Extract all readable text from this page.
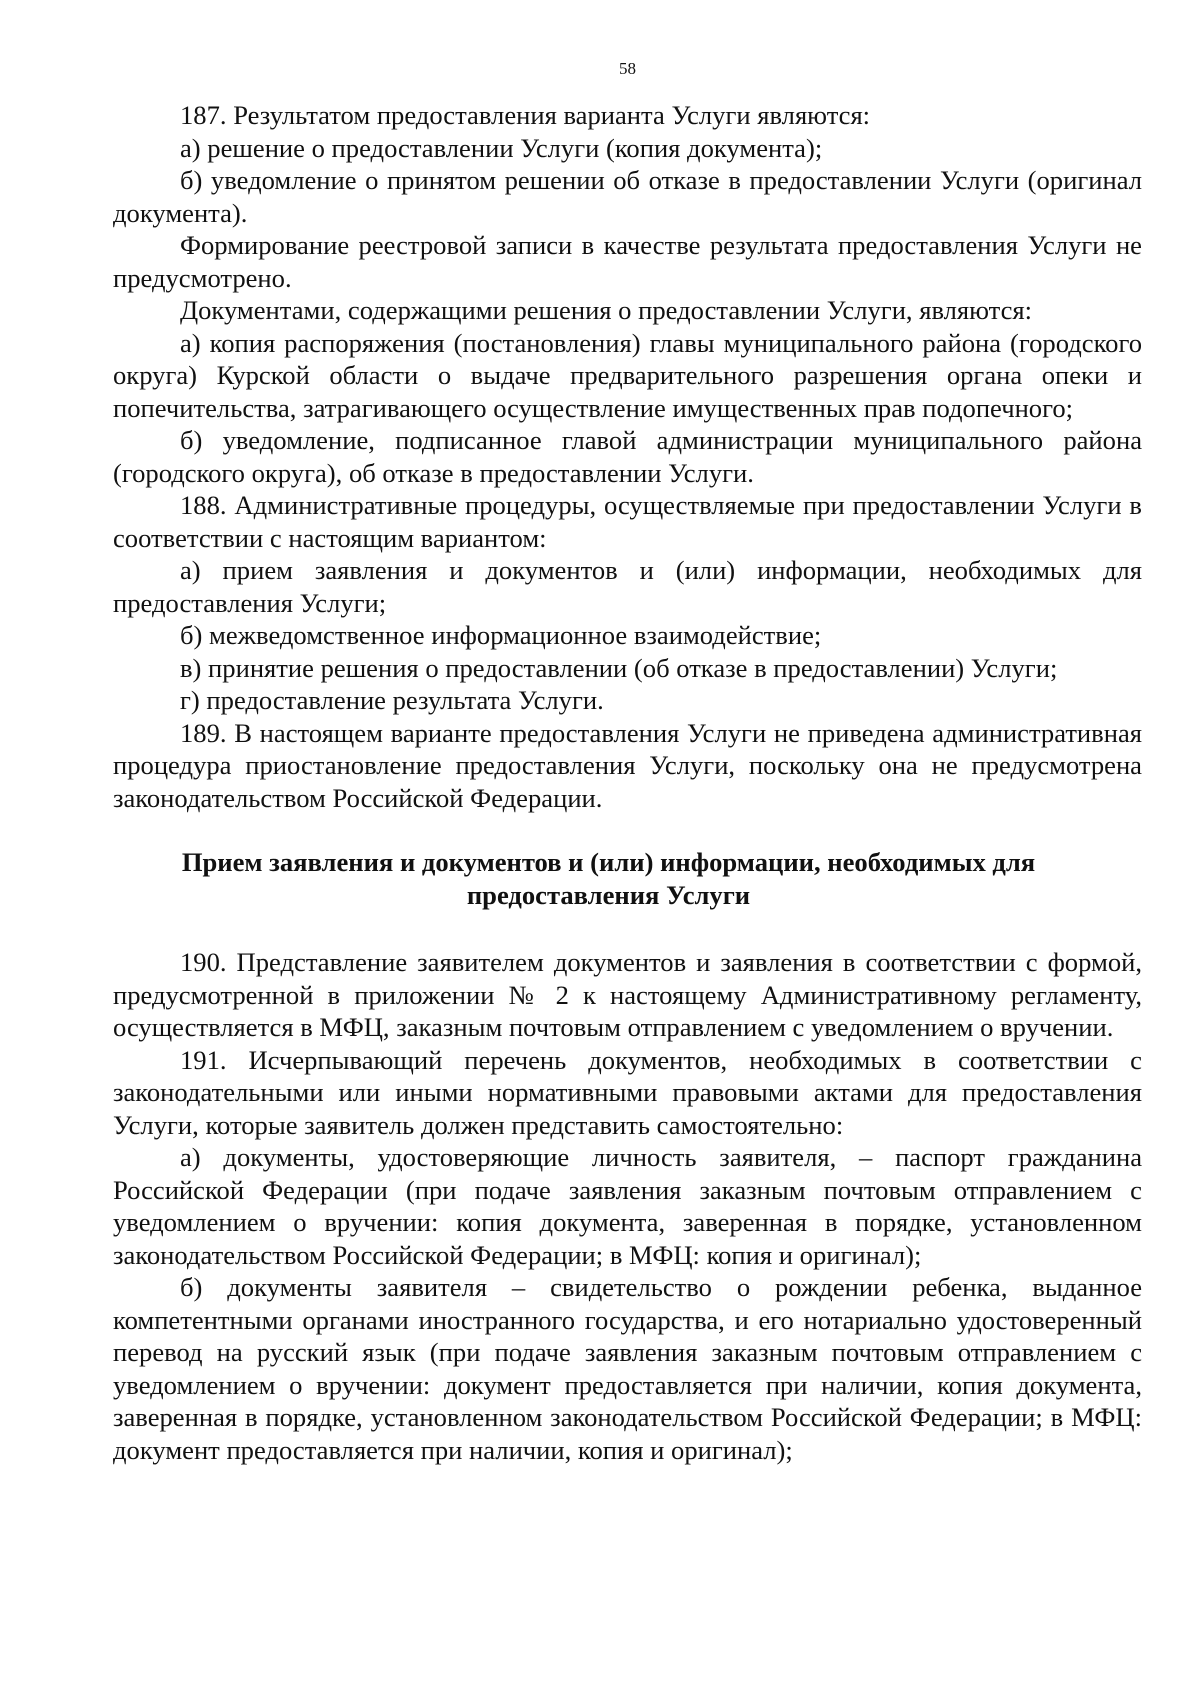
58

187. Результатом предоставления варианта Услуги являются:

а) решение о предоставлении Услуги (копия документа);

б) уведомление о принятом решении об отказе в предоставлении Услуги (оригинал документа).

Формирование реестровой записи в качестве результата предоставления Услуги не предусмотрено.

Документами, содержащими решения о предоставлении Услуги, являются:

а) копия распоряжения (постановления) главы муниципального района (городского округа) Курской области о выдаче предварительного разрешения органа опеки и попечительства, затрагивающего осуществление имущественных прав подопечного;

б) уведомление, подписанное главой администрации муниципального района (городского округа), об отказе в предоставлении Услуги.

188. Административные процедуры, осуществляемые при предоставлении Услуги в соответствии с настоящим вариантом:

а) прием заявления и документов и (или) информации, необходимых для предоставления Услуги;

б) межведомственное информационное взаимодействие;

в) принятие решения о предоставлении (об отказе в предоставлении) Услуги;

г) предоставление результата Услуги.

189. В настоящем варианте предоставления Услуги не приведена административная процедура приостановление предоставления Услуги, поскольку она не предусмотрена законодательством Российской Федерации.

Прием заявления и документов и (или) информации, необходимых для
предоставления Услуги

190. Представление заявителем документов и заявления в соответствии с формой, предусмотренной в приложении № 2 к настоящему Административному регламенту, осуществляется в МФЦ, заказным почтовым отправлением с уведомлением о вручении.

191. Исчерпывающий перечень документов, необходимых в соответствии с законодательными или иными нормативными правовыми актами для предоставления Услуги, которые заявитель должен представить самостоятельно:

а) документы, удостоверяющие личность заявителя, – паспорт гражданина Российской Федерации (при подаче заявления заказным почтовым отправлением с уведомлением о вручении: копия документа, заверенная в порядке, установленном законодательством Российской Федерации; в МФЦ: копия и оригинал);

б) документы заявителя – свидетельство о рождении ребенка, выданное компетентными органами иностранного государства, и его нотариально удостоверенный перевод на русский язык (при подаче заявления заказным почтовым отправлением с уведомлением о вручении: документ предоставляется при наличии, копия документа, заверенная в порядке, установленном законодательством Российской Федерации; в МФЦ: документ предоставляется при наличии, копия и оригинал);
